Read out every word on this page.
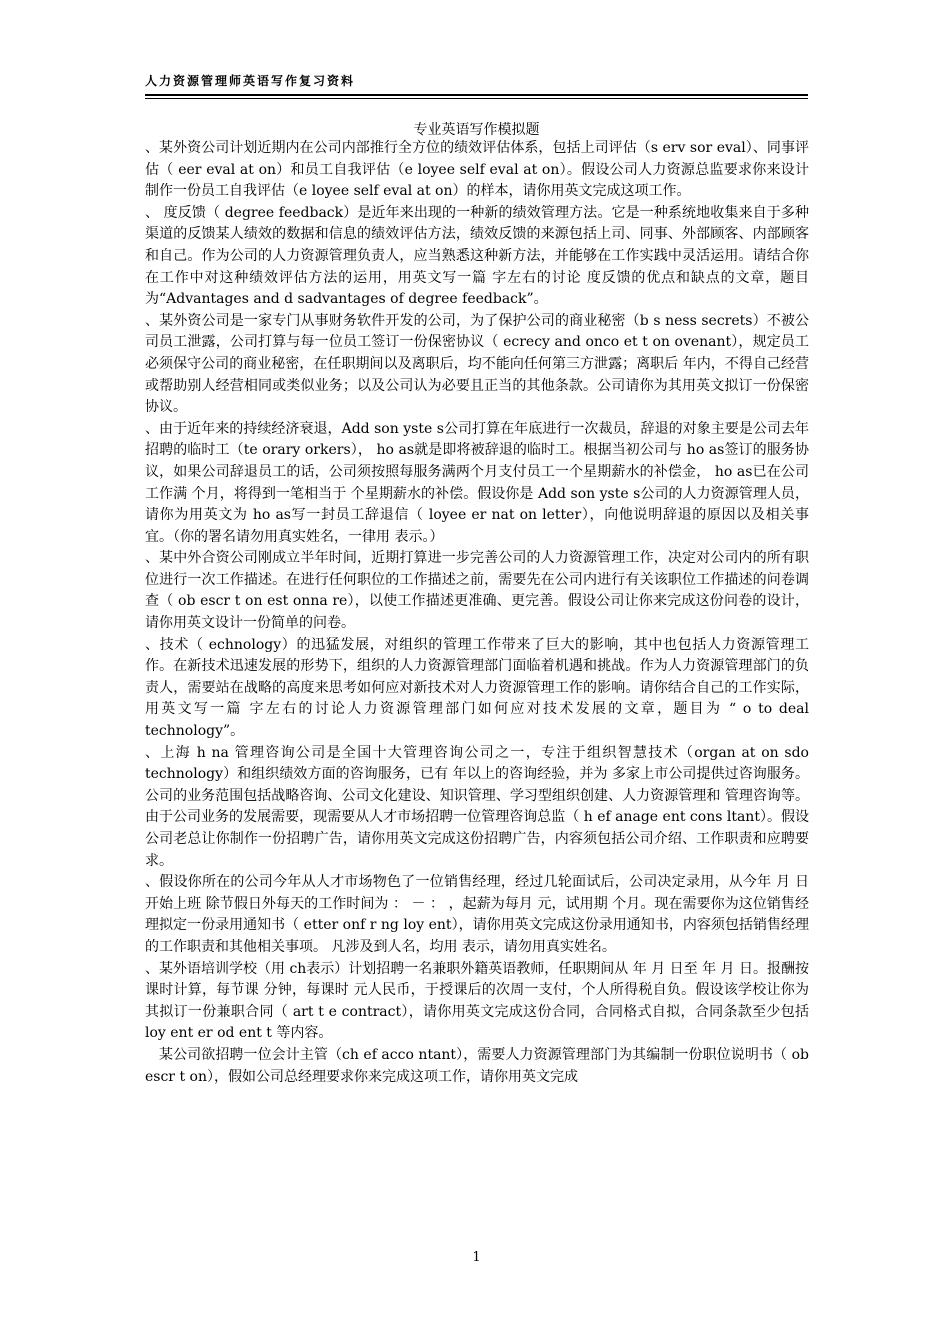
人力资源管理师英语写作复习资料
专业英语写作模拟题

、某外资公司计划近期内在公司内部推行全方位的绩效评估体系，包括上司评估（s erv sor eval）、同事评估（ eer eval at on）和员工自我评估（e loyee self eval at on）。假设公司人力资源总监要求你来设计制作一份员工自我评估（e loyee self eval at on）的样本，请你用英文完成这项工作。

、 度反馈（ degree feedback）是近年来出现的一种新的绩效管理方法。它是一种系统地收集来自于多种渠道的反馈某人绩效的数据和信息的绩效评估方法，绩效反馈的来源包括上司、同事、外部顾客、内部顾客和自己。作为公司的人力资源管理负责人，应当熟悉这种新方法，并能够在工作实践中灵活运用。请结合你在工作中对这种绩效评估方法的运用，用英文写一篇 字左右的讨论 度反馈的优点和缺点的文章，题目为“Advantages and d sadvantages of degree feedback”。

、某外资公司是一家专门从事财务软件开发的公司，为了保护公司的商业秘密（b s ness secrets）不被公司员工泄露，公司打算与每一位员工签订一份保密协议（ ecrecy and onco et t on ovenant），规定员工必须保守公司的商业秘密，在任职期间以及离职后，均不能向任何第三方泄露；离职后 年内，不得自己经营或帮助别人经营相同或类似业务；以及公司认为必要且正当的其他条款。公司请你为其用英文拟订一份保密协议。

、由于近年来的持续经济衰退，Add son yste s公司打算在年底进行一次裁员，辞退的对象主要是公司去年招聘的临时工（te orary orkers）， ho as就是即将被辞退的临时工。根据当初公司与 ho as签订的服务协议，如果公司辞退员工的话，公司须按照每服务满两个月支付员工一个星期薪水的补偿金， ho as已在公司工作满 个月，将得到一笔相当于 个星期薪水的补偿。假设你是 Add son yste s公司的人力资源管理人员，请你为用英文为 ho as写一封员工辞退信（ loyee er nat on letter），向他说明辞退的原因以及相关事宜。（你的署名请勿用真实姓名，一律用 表示。）

、某中外合资公司刚成立半年时间，近期打算进一步完善公司的人力资源管理工作，决定对公司内的所有职位进行一次工作描述。在进行任何职位的工作描述之前，需要先在公司内进行有关该职位工作描述的问卷调查（ ob escr t on est onna re），以使工作描述更准确、更完善。假设公司让你来完成这份问卷的设计，请你用英文设计一份简单的问卷。

、技术（ echnology）的迅猛发展，对组织的管理工作带来了巨大的影响，其中也包括人力资源管理工作。在新技术迅速发展的形势下，组织的人力资源管理部门面临着机遇和挑战。作为人力资源管理部门的负责人，需要站在战略的高度来思考如何应对新技术对人力资源管理工作的影响。请你结合自己的工作实际，用英文写一篇 字左右的讨论人力资源管理部门如何应对技术发展的文章，题目为 “ o to deal technology”。

、上海 h na 管理咨询公司是全国十大管理咨询公司之一，专注于组织智慧技术（organ at on sdo technology）和组织绩效方面的咨询服务，已有 年以上的咨询经验，并为 多家上市公司提供过咨询服务。公司的业务范围包括战略咨询、公司文化建设、知识管理、学习型组织创建、人力资源管理和 管理咨询等。由于公司业务的发展需要，现需要从人才市场招聘一位管理咨询总监（ h ef anage ent cons ltant）。假设公司老总让你制作一份招聘广告，请你用英文完成这份招聘广告，内容须包括公司介绍、工作职责和应聘要求。

、假设你所在的公司今年从人才市场物色了一位销售经理，经过几轮面试后，公司决定录用，从今年 月 日开始上班 除节假日外每天的工作时间为 ： － ： ，起薪为每月 元，试用期 个月。现在需要你为这位销售经理拟定一份录用通知书（ etter onf r ng loy ent），请你用英文完成这份录用通知书，内容须包括销售经理的工作职责和其他相关事项。 凡涉及到人名，均用 表示，请勿用真实姓名。

、某外语培训学校（用 ch表示）计划招聘一名兼职外籍英语教师，任职期间从 年 月 日至 年 月 日。报酬按课时计算，每节课 分钟，每课时 元人民币，于授课后的次周一支付，个人所得税自负。假设该学校让你为其拟订一份兼职合同（ art t e contract），请你用英文完成这份合同，合同格式自拟，合同条款至少包括 loy ent er od ent t 等内容。

某公司欲招聘一位会计主管（ch ef acco ntant），需要人力资源管理部门为其编制一份职位说明书（ ob escr t on），假如公司总经理要求你来完成这项工作，请你用英文完成

1
